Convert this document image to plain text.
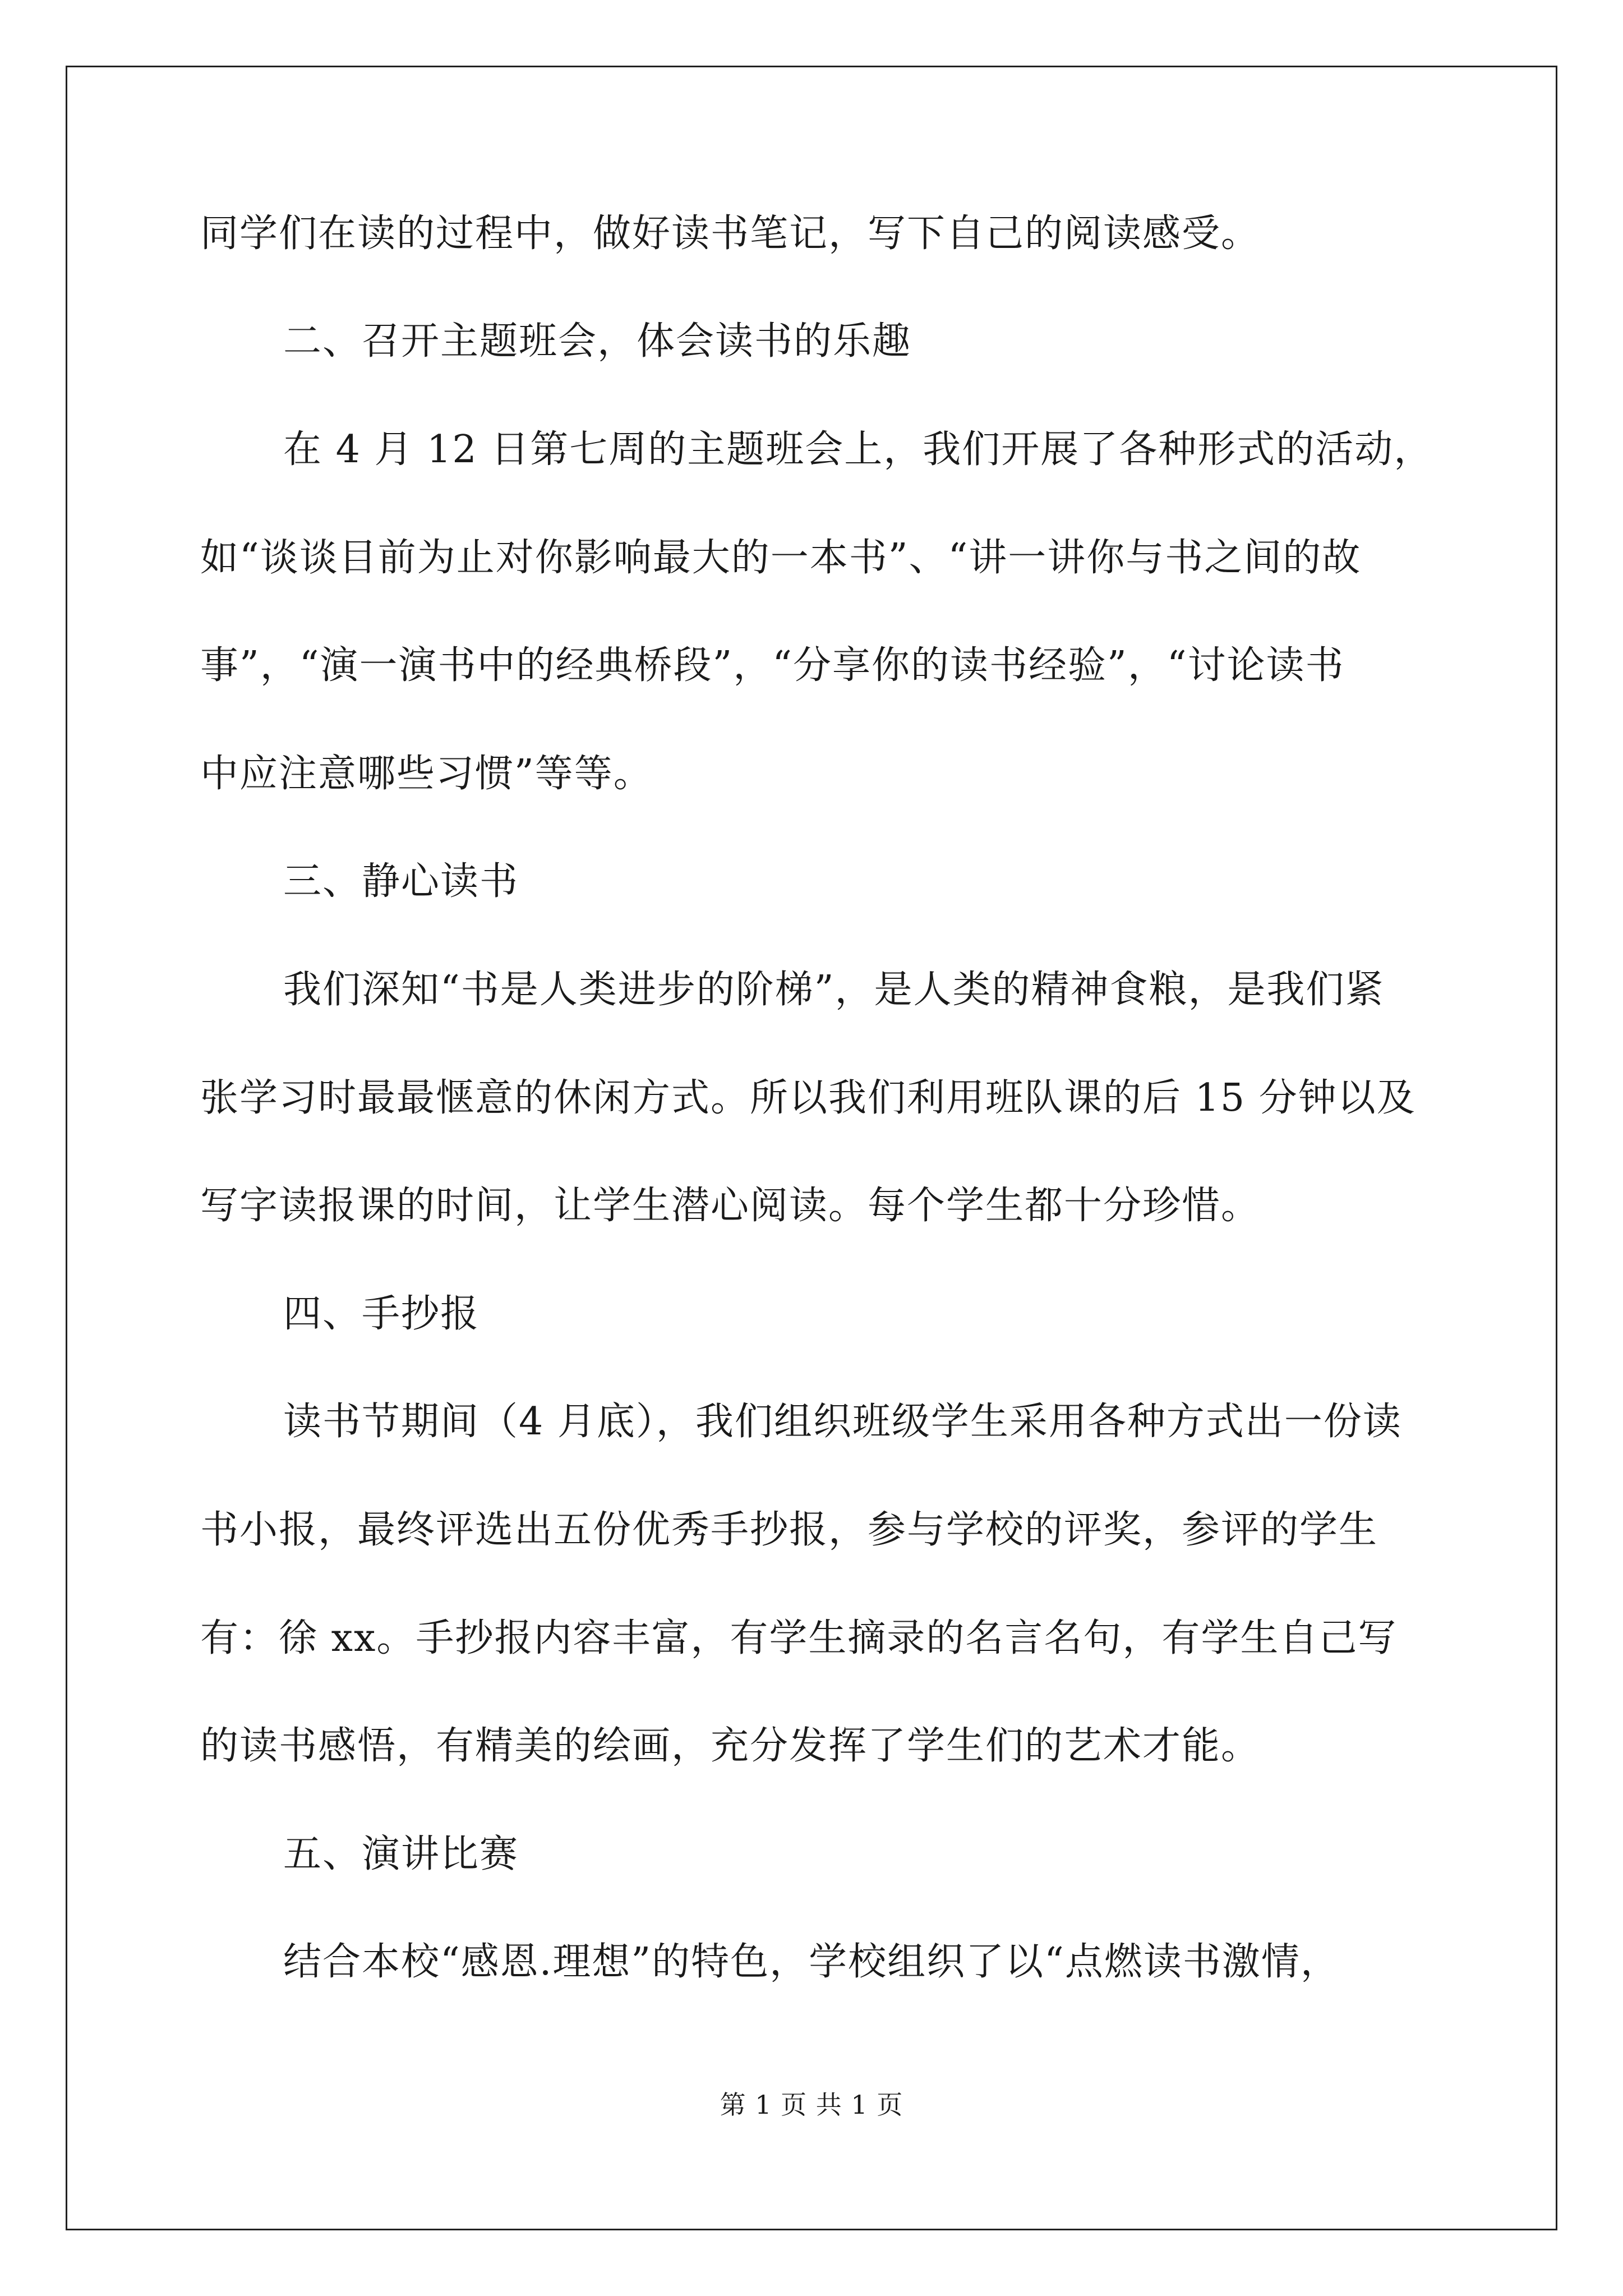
同学们在读的过程中，做好读书笔记，写下自己的阅读感受。
二、召开主题班会，体会读书的乐趣
在 4 月 12 日第七周的主题班会上，我们开展了各种形式的活动，
如“谈谈目前为止对你影响最大的一本书”、“讲一讲你与书之间的故
事”，“演一演书中的经典桥段”，“分享你的读书经验”，“讨论读书
中应注意哪些习惯”等等。
三、静心读书
我们深知“书是人类进步的阶梯”，是人类的精神食粮，是我们紧
张学习时最最惬意的休闲方式。所以我们利用班队课的后 15 分钟以及
写字读报课的时间，让学生潜心阅读。每个学生都十分珍惜。
四、手抄报
读书节期间（4 月底），我们组织班级学生采用各种方式出一份读
书小报，最终评选出五份优秀手抄报，参与学校的评奖，参评的学生
有：徐 xx。手抄报内容丰富，有学生摘录的名言名句，有学生自己写
的读书感悟，有精美的绘画，充分发挥了学生们的艺术才能。
五、演讲比赛
结合本校“感恩.理想”的特色，学校组织了以“点燃读书激情，
第 1 页 共 1 页
